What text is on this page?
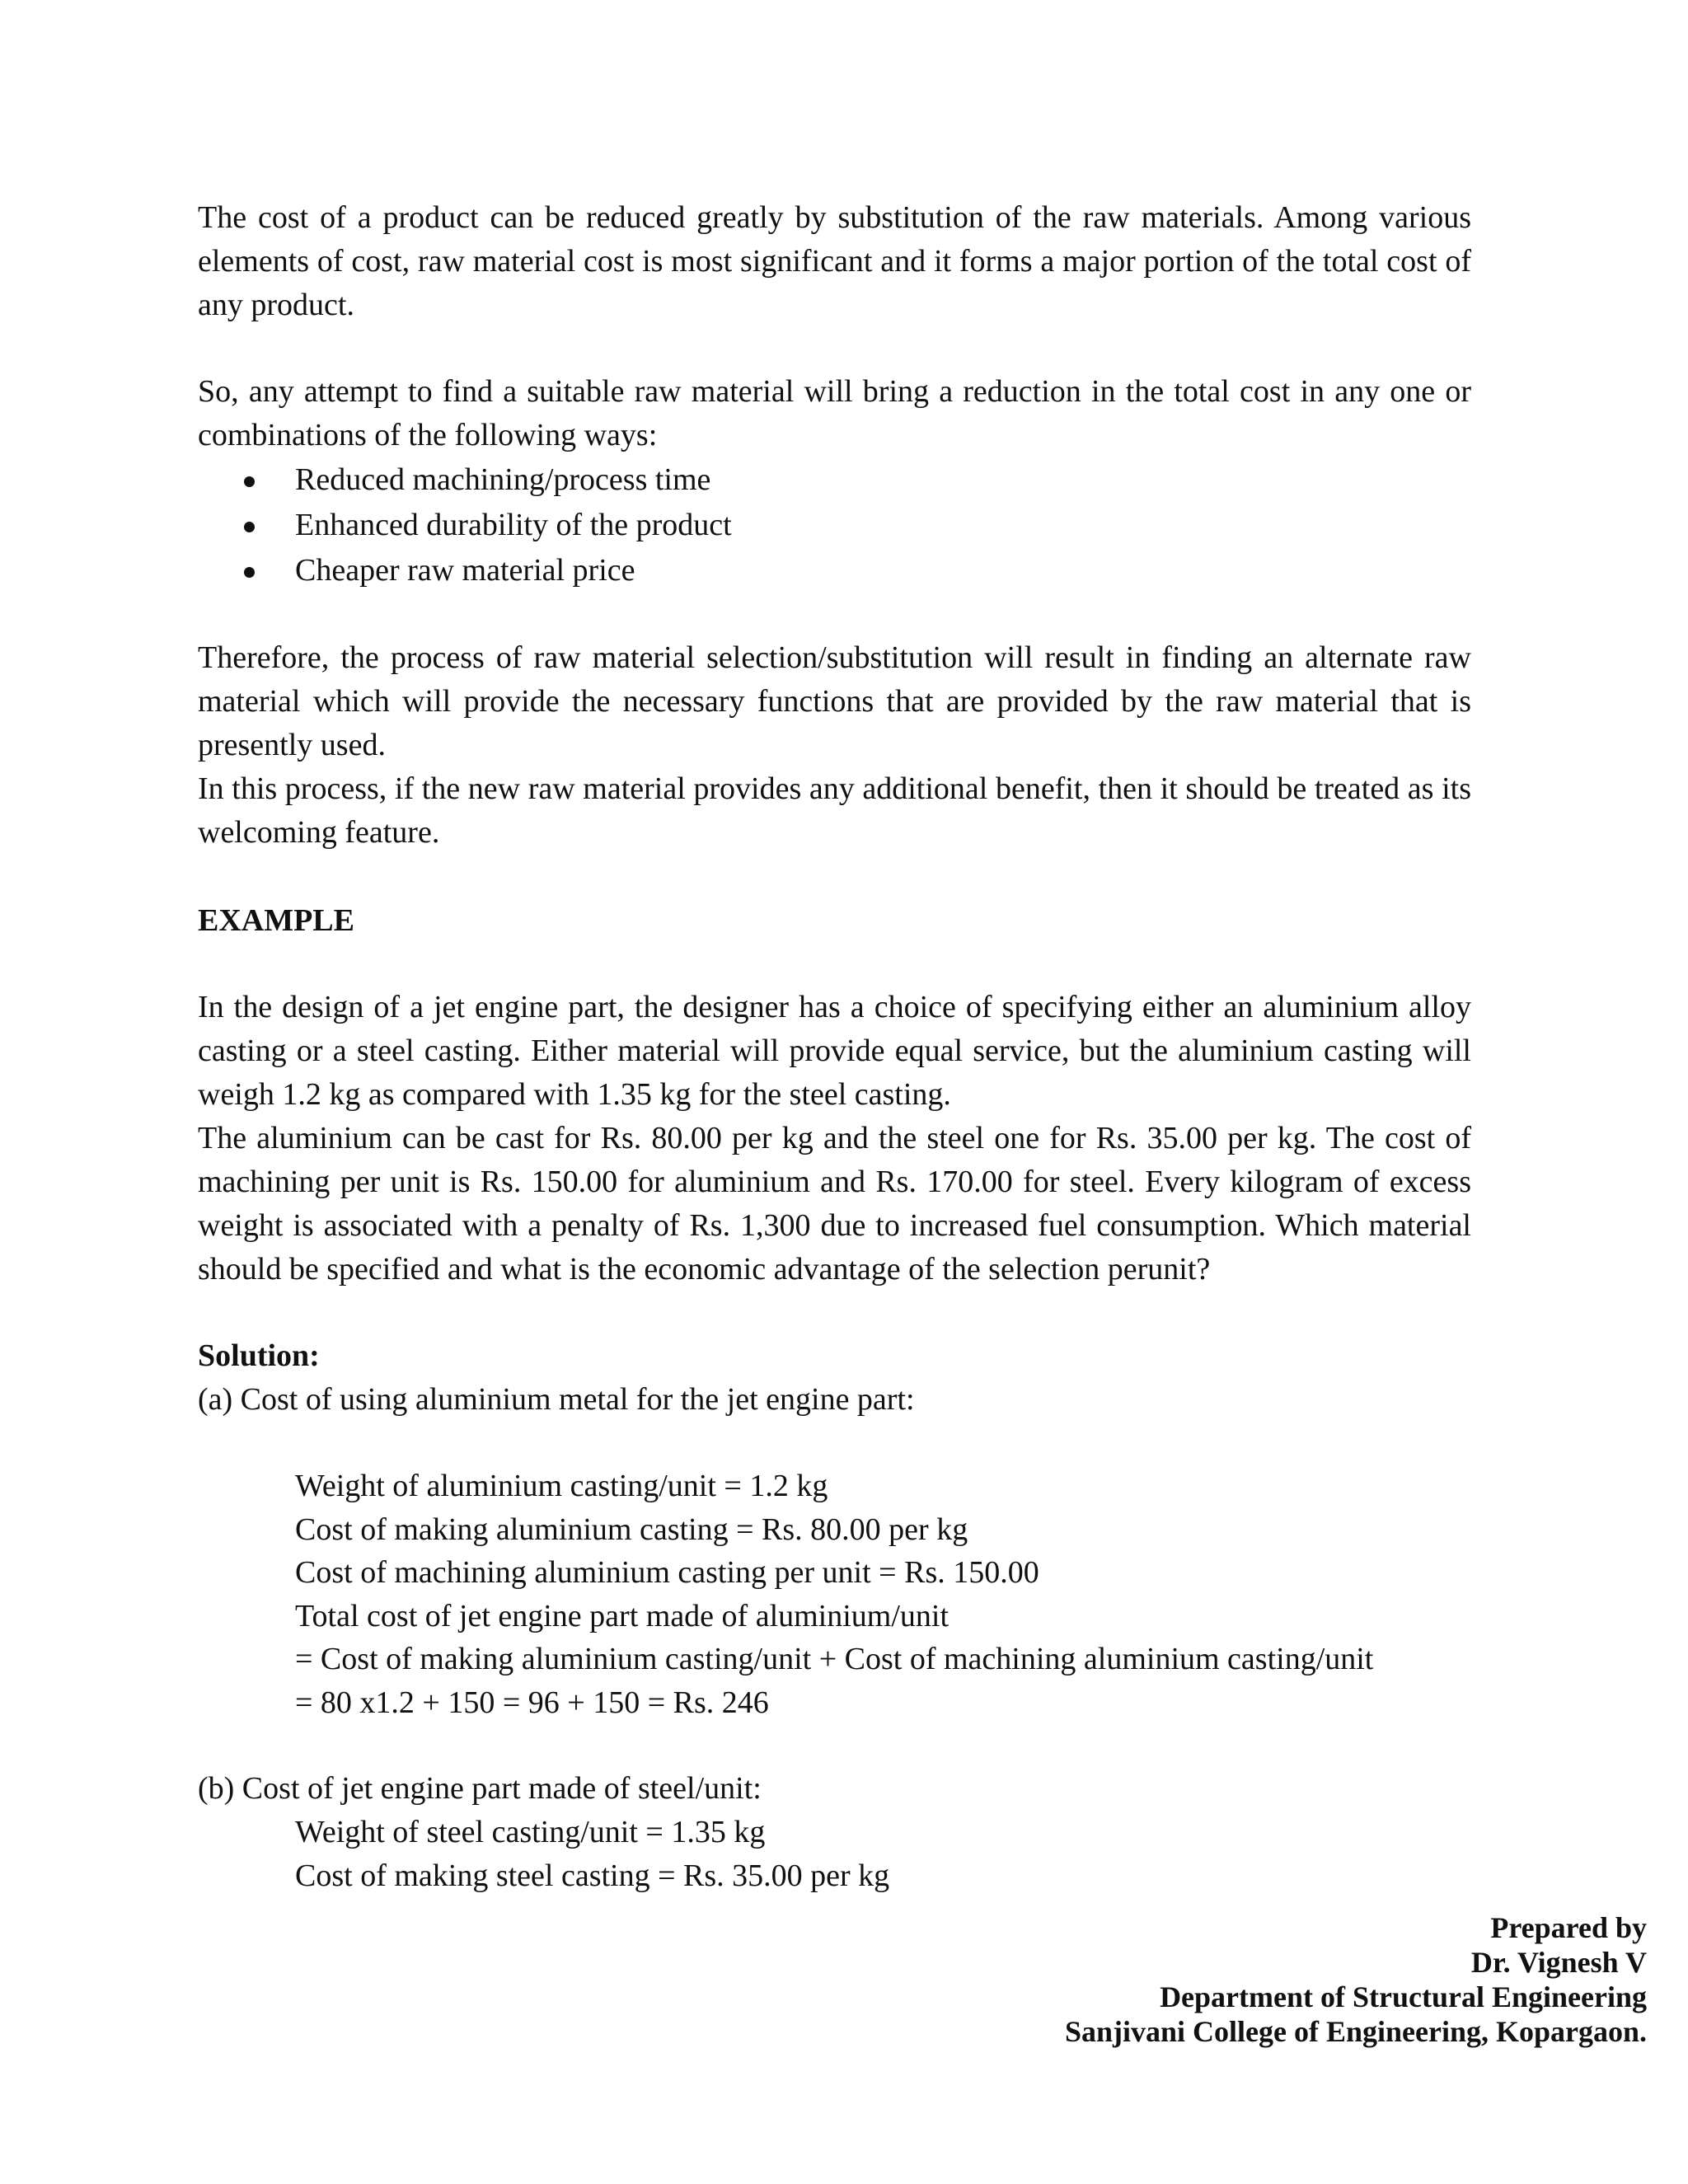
The cost of a product can be reduced greatly by substitution of the raw materials. Among various elements of cost, raw material cost is most significant and it forms a major portion of the total cost of any product.

So, any attempt to find a suitable raw material will bring a reduction in the total cost in any one or combinations of the following ways:

Reduced machining/process time
Enhanced durability of the product
Cheaper raw material price

Therefore, the process of raw material selection/substitution will result in finding an alternate raw material which will provide the necessary functions that are provided by the raw material that is presently used.

In this process, if the new raw material provides any additional benefit, then it should be treated as its welcoming feature.

EXAMPLE

In the design of a jet engine part, the designer has a choice of specifying either an aluminium alloy casting or a steel casting. Either material will provide equal service, but the aluminium casting will weigh 1.2 kg as compared with 1.35 kg for the steel casting.

The aluminium can be cast for Rs. 80.00 per kg and the steel one for Rs. 35.00 per kg. The cost of machining per unit is Rs. 150.00 for aluminium and Rs. 170.00 for steel. Every kilogram of excess weight is associated with a penalty of Rs. 1,300 due to increased fuel consumption. Which material should be specified and what is the economic advantage of the selection perunit?

Solution:
(a) Cost of using aluminium metal for the jet engine part:
Weight of aluminium casting/unit = 1.2 kg
Cost of making aluminium casting = Rs. 80.00 per kg
Cost of machining aluminium casting per unit = Rs. 150.00
Total cost of jet engine part made of aluminium/unit
= Cost of making aluminium casting/unit + Cost of machining aluminium casting/unit
= 80 x1.2 + 150 = 96 + 150 = Rs. 246
(b) Cost of jet engine part made of steel/unit:
Weight of steel casting/unit = 1.35 kg
Cost of making steel casting = Rs. 35.00 per kg
Prepared by
Dr. Vignesh V
Department of Structural Engineering
Sanjivani College of Engineering, Kopargaon.
